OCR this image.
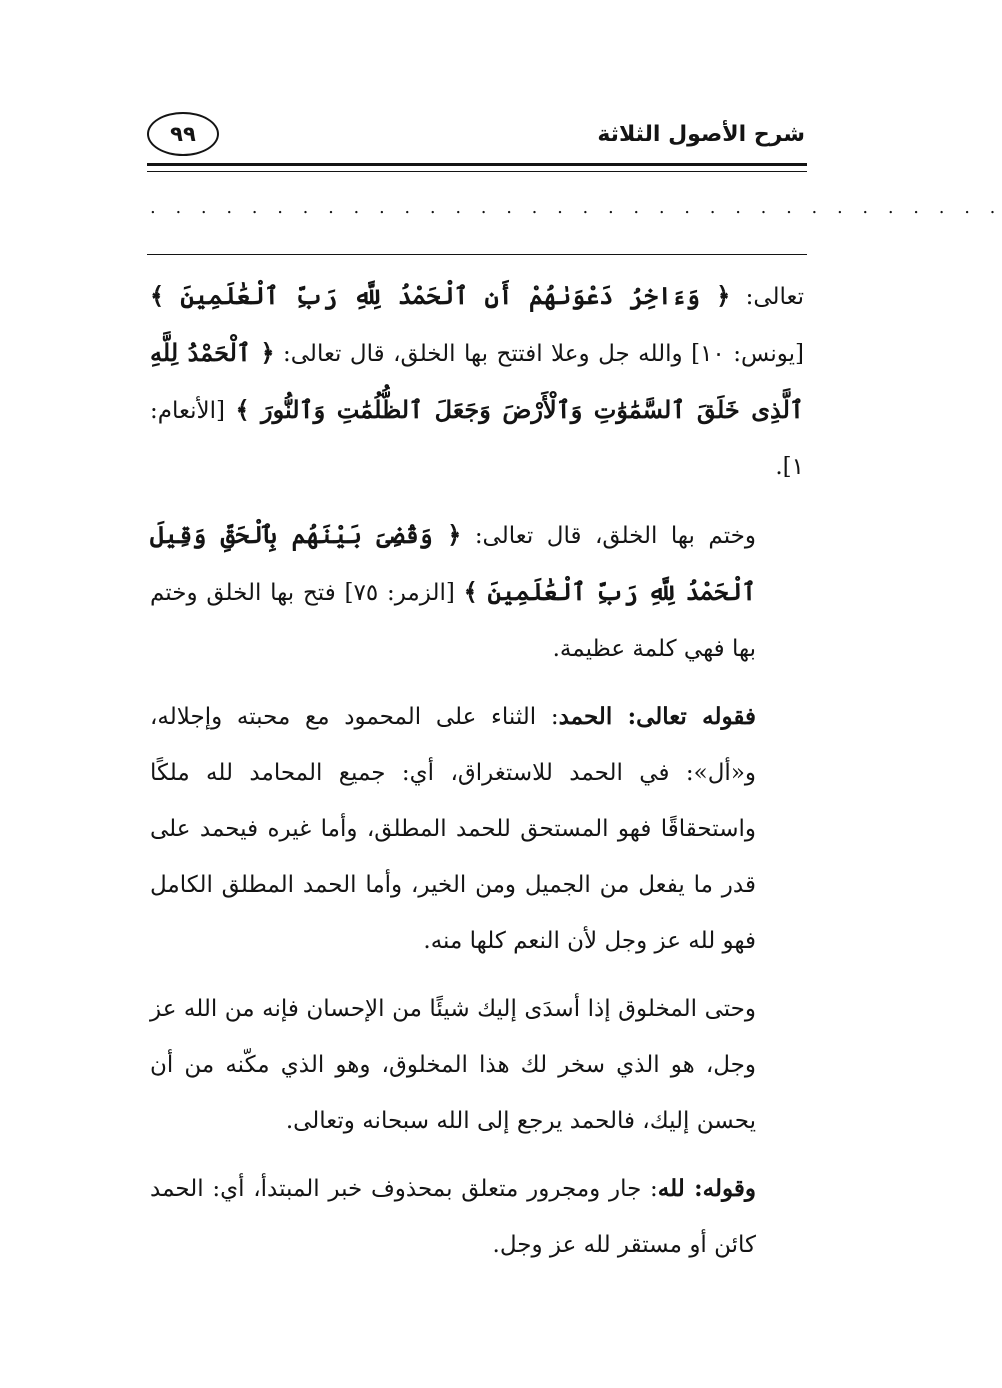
شرح الأصول الثلاثة
٩٩
. . . . . . . . . . . . . . . . . . . . . . . . . . . . . . . . . .

تعالى: ﴿ وَءَاخِرُ دَعْوَىٰهُمْ أَنِ ٱلْحَمْدُ لِلَّهِ رَبِّ ٱلْعَٰلَمِينَ ﴾ [يونس: ١٠] والله جل وعلا افتتح بها الخلق، قال تعالى: ﴿ ٱلْحَمْدُ لِلَّهِ ٱلَّذِى خَلَقَ ٱلسَّمَٰوَٰتِ وَٱلْأَرْضَ وَجَعَلَ ٱلظُّلُمَٰتِ وَٱلنُّورَ ﴾ [الأنعام: ١].

وختم بها الخلق، قال تعالى: ﴿ وَقُضِىَ بَيْنَهُم بِٱلْحَقِّ وَقِيلَ ٱلْحَمْدُ لِلَّهِ رَبِّ ٱلْعَٰلَمِينَ ﴾ [الزمر: ٧٥] فتح بها الخلق وختم بها فهي كلمة عظيمة.

فقوله تعالى: الحمد: الثناء على المحمود مع محبته وإجلاله، و«أل»: في الحمد للاستغراق، أي: جميع المحامد لله ملكًا واستحقاقًا فهو المستحق للحمد المطلق، وأما غيره فيحمد على قدر ما يفعل من الجميل ومن الخير، وأما الحمد المطلق الكامل فهو لله عز وجل لأن النعم كلها منه.

وحتى المخلوق إذا أسدَى إليك شيئًا من الإحسان فإنه من الله عز وجل، هو الذي سخر لك هذا المخلوق، وهو الذي مكّنه من أن يحسن إليك، فالحمد يرجع إلى الله سبحانه وتعالى.

وقوله: لله: جار ومجرور متعلق بمحذوف خبر المبتدأ، أي: الحمد كائن أو مستقر لله عز وجل.
